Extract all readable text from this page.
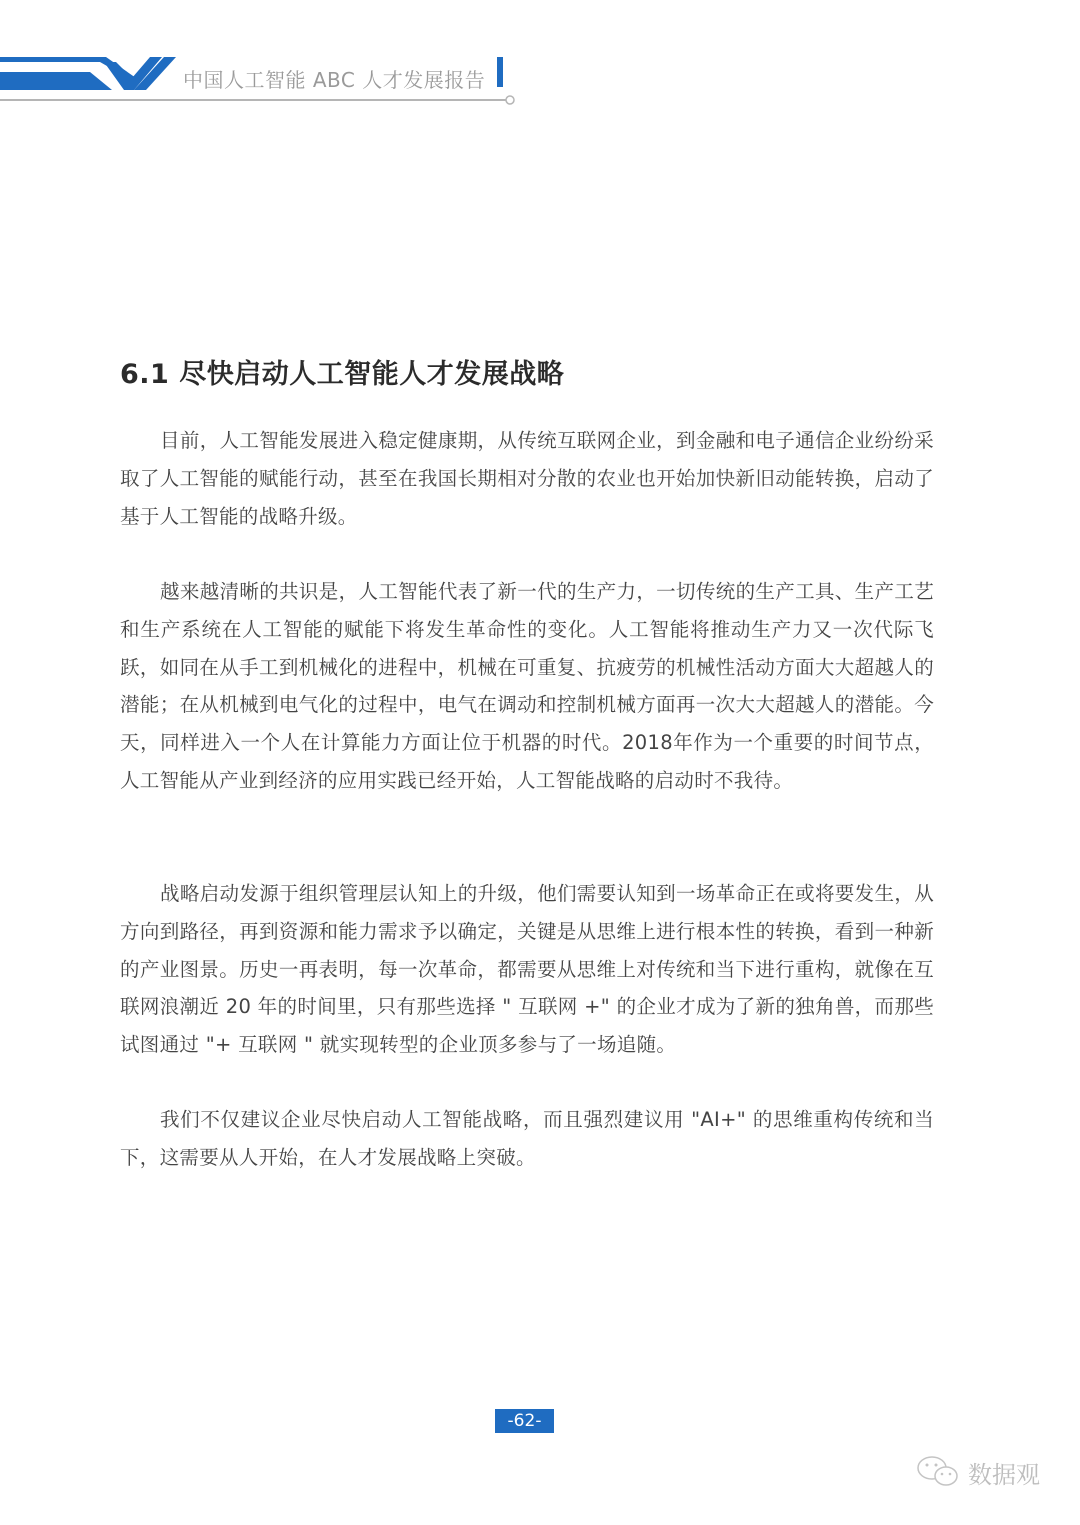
中国人工智能 ABC 人才发展报告
6.1 尽快启动人工智能人才发展战略

目前，人工智能发展进入稳定健康期，从传统互联网企业，到金融和电子通信企业纷纷采取了人工智能的赋能行动，甚至在我国长期相对分散的农业也开始加快新旧动能转换，启动了基于人工智能的战略升级。

越来越清晰的共识是，人工智能代表了新一代的生产力，一切传统的生产工具、生产工艺和生产系统在人工智能的赋能下将发生革命性的变化。人工智能将推动生产力又一次代际飞跃，如同在从手工到机械化的进程中，机械在可重复、抗疲劳的机械性活动方面大大超越人的潜能；在从机械到电气化的过程中，电气在调动和控制机械方面再一次大大超越人的潜能。今天，同样进入一个人在计算能力方面让位于机器的时代。2018年作为一个重要的时间节点，人工智能从产业到经济的应用实践已经开始，人工智能战略的启动时不我待。

战略启动发源于组织管理层认知上的升级，他们需要认知到一场革命正在或将要发生，从方向到路径，再到资源和能力需求予以确定，关键是从思维上进行根本性的转换，看到一种新的产业图景。历史一再表明，每一次革命，都需要从思维上对传统和当下进行重构，就像在互联网浪潮近 20 年的时间里，只有那些选择 " 互联网 +" 的企业才成为了新的独角兽，而那些试图通过 "+ 互联网 " 就实现转型的企业顶多参与了一场追随。

我们不仅建议企业尽快启动人工智能战略，而且强烈建议用 "AI+" 的思维重构传统和当下，这需要从人开始，在人才发展战略上突破。

-62-
数据观
